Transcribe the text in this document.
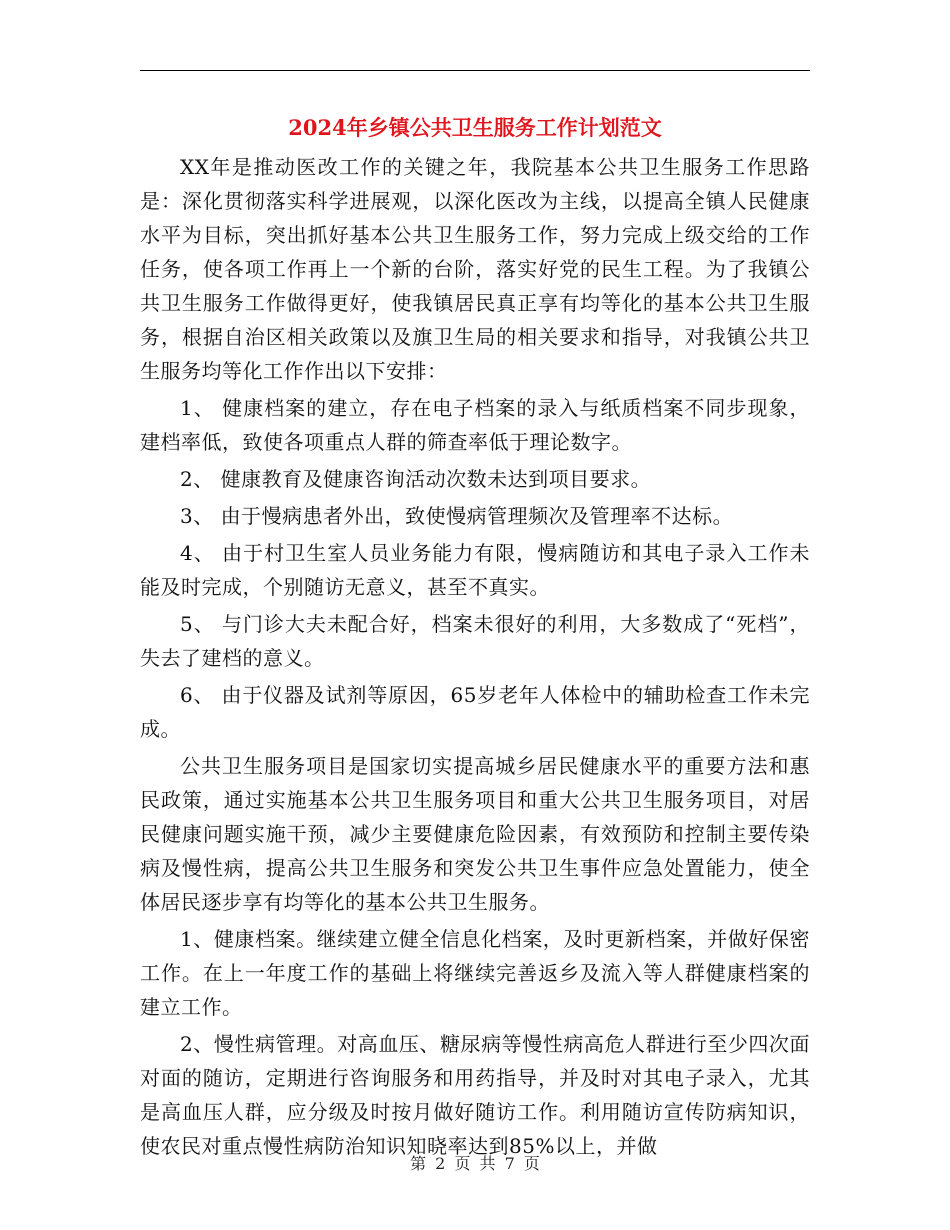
2024年乡镇公共卫生服务工作计划范文

XX年是推动医改工作的关键之年，我院基本公共卫生服务工作思路是：深化贯彻落实科学进展观，以深化医改为主线，以提高全镇人民健康水平为目标，突出抓好基本公共卫生服务工作，努力完成上级交给的工作任务，使各项工作再上一个新的台阶，落实好党的民生工程。为了我镇公共卫生服务工作做得更好，使我镇居民真正享有均等化的基本公共卫生服务，根据自治区相关政策以及旗卫生局的相关要求和指导，对我镇公共卫生服务均等化工作作出以下安排：

1、 健康档案的建立，存在电子档案的录入与纸质档案不同步现象，建档率低，致使各项重点人群的筛查率低于理论数字。

2、 健康教育及健康咨询活动次数未达到项目要求。

3、 由于慢病患者外出，致使慢病管理频次及管理率不达标。

4、 由于村卫生室人员业务能力有限，慢病随访和其电子录入工作未能及时完成，个别随访无意义，甚至不真实。

5、 与门诊大夫未配合好，档案未很好的利用，大多数成了“死档”，失去了建档的意义。

6、 由于仪器及试剂等原因，65岁老年人体检中的辅助检查工作未完成。

公共卫生服务项目是国家切实提高城乡居民健康水平的重要方法和惠民政策，通过实施基本公共卫生服务项目和重大公共卫生服务项目，对居民健康问题实施干预，减少主要健康危险因素，有效预防和控制主要传染病及慢性病，提高公共卫生服务和突发公共卫生事件应急处置能力，使全体居民逐步享有均等化的基本公共卫生服务。

1、健康档案。继续建立健全信息化档案，及时更新档案，并做好保密工作。在上一年度工作的基础上将继续完善返乡及流入等人群健康档案的建立工作。

2、慢性病管理。对高血压、糖尿病等慢性病高危人群进行至少四次面对面的随访，定期进行咨询服务和用药指导，并及时对其电子录入，尤其是高血压人群，应分级及时按月做好随访工作。利用随访宣传防病知识，使农民对重点慢性病防治知识知晓率达到85%以上，并做

第 2 页 共 7 页
